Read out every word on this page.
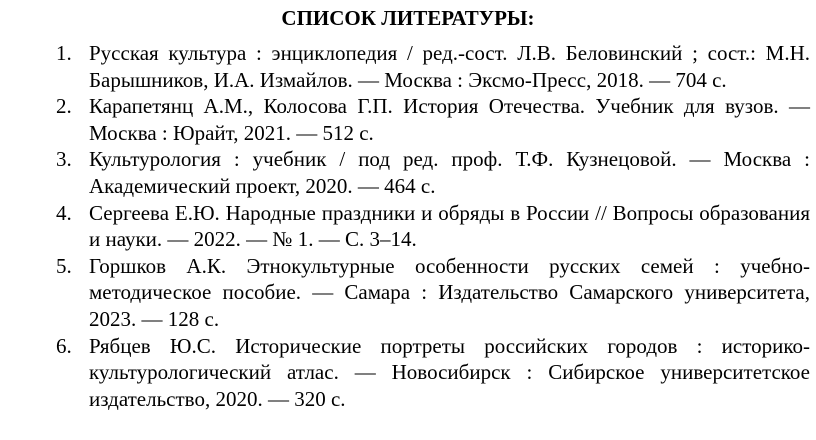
СПИСОК ЛИТЕРАТУРЫ:
1. Русская культура : энциклопедия / ред.-сост. Л.В. Беловинский ; сост.: М.Н. Барышников, И.А. Измайлов. — Москва : Эксмо-Пресс, 2018. — 704 с.
2. Карапетянц А.М., Колосова Г.П. История Отечества. Учебник для вузов. — Москва : Юрайт, 2021. — 512 с.
3. Культурология : учебник / под ред. проф. Т.Ф. Кузнецовой. — Москва : Академический проект, 2020. — 464 с.
4. Сергеева Е.Ю. Народные праздники и обряды в России // Вопросы образования и науки. — 2022. — № 1. — С. 3–14.
5. Горшков А.К. Этнокультурные особенности русских семей : учебно-методическое пособие. — Самара : Издательство Самарского университета, 2023. — 128 с.
6. Рябцев Ю.С. Исторические портреты российских городов : историко-культурологический атлас. — Новосибирск : Сибирское университетское издательство, 2020. — 320 с.
